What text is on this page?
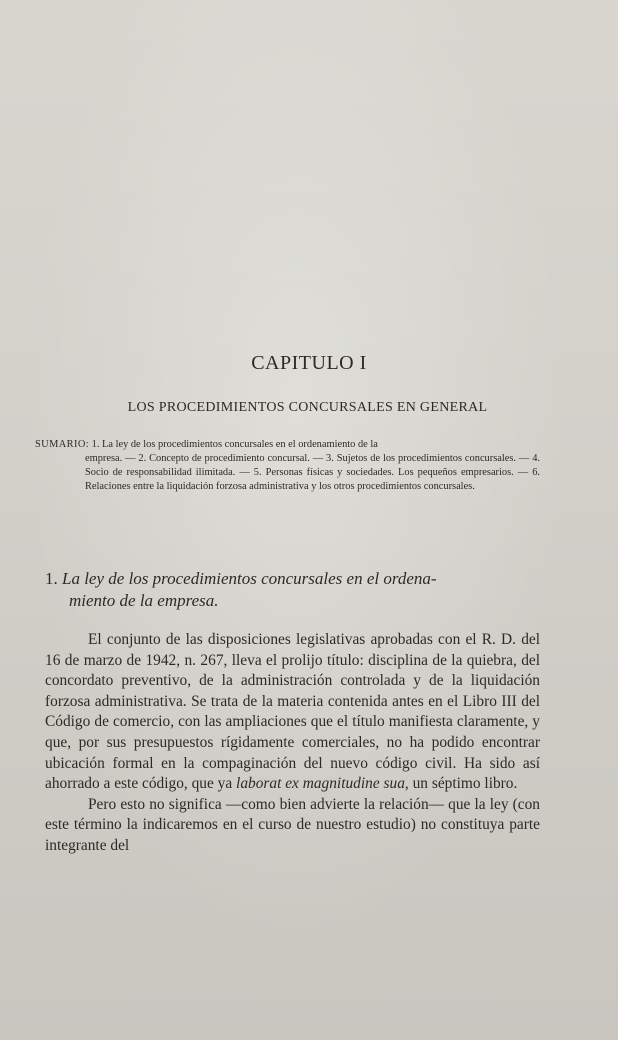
CAPITULO I
LOS PROCEDIMIENTOS CONCURSALES EN GENERAL
SUMARIO: 1. La ley de los procedimientos concursales en el ordenamiento de la
empresa. — 2. Concepto de procedimiento concursal. — 3. Sujetos de los procedimientos concursales. — 4. Socio de responsabilidad ilimitada. — 5. Personas físicas y sociedades. Los pequeños empresarios. — 6. Relaciones entre la liquidación forzosa administrativa y los otros procedimientos concursales.
1. La ley de los procedimientos concursales en el ordena-
miento de la empresa.

El conjunto de las disposiciones legislativas aprobadas con el R. D. del 16 de marzo de 1942, n. 267, lleva el prolijo título: disciplina de la quiebra, del concordato preventivo, de la administración controlada y de la liquidación forzosa administrativa. Se trata de la materia contenida antes en el Libro III del Código de comercio, con las ampliaciones que el título manifiesta claramente, y que, por sus presupuestos rígidamente comerciales, no ha podido encontrar ubicación formal en la compaginación del nuevo código civil. Ha sido así ahorrado a este código, que ya laborat ex magnitudine sua, un séptimo libro.

Pero esto no significa —como bien advierte la relación— que la ley (con este término la indicaremos en el curso de nuestro estudio) no constituya parte integrante del
